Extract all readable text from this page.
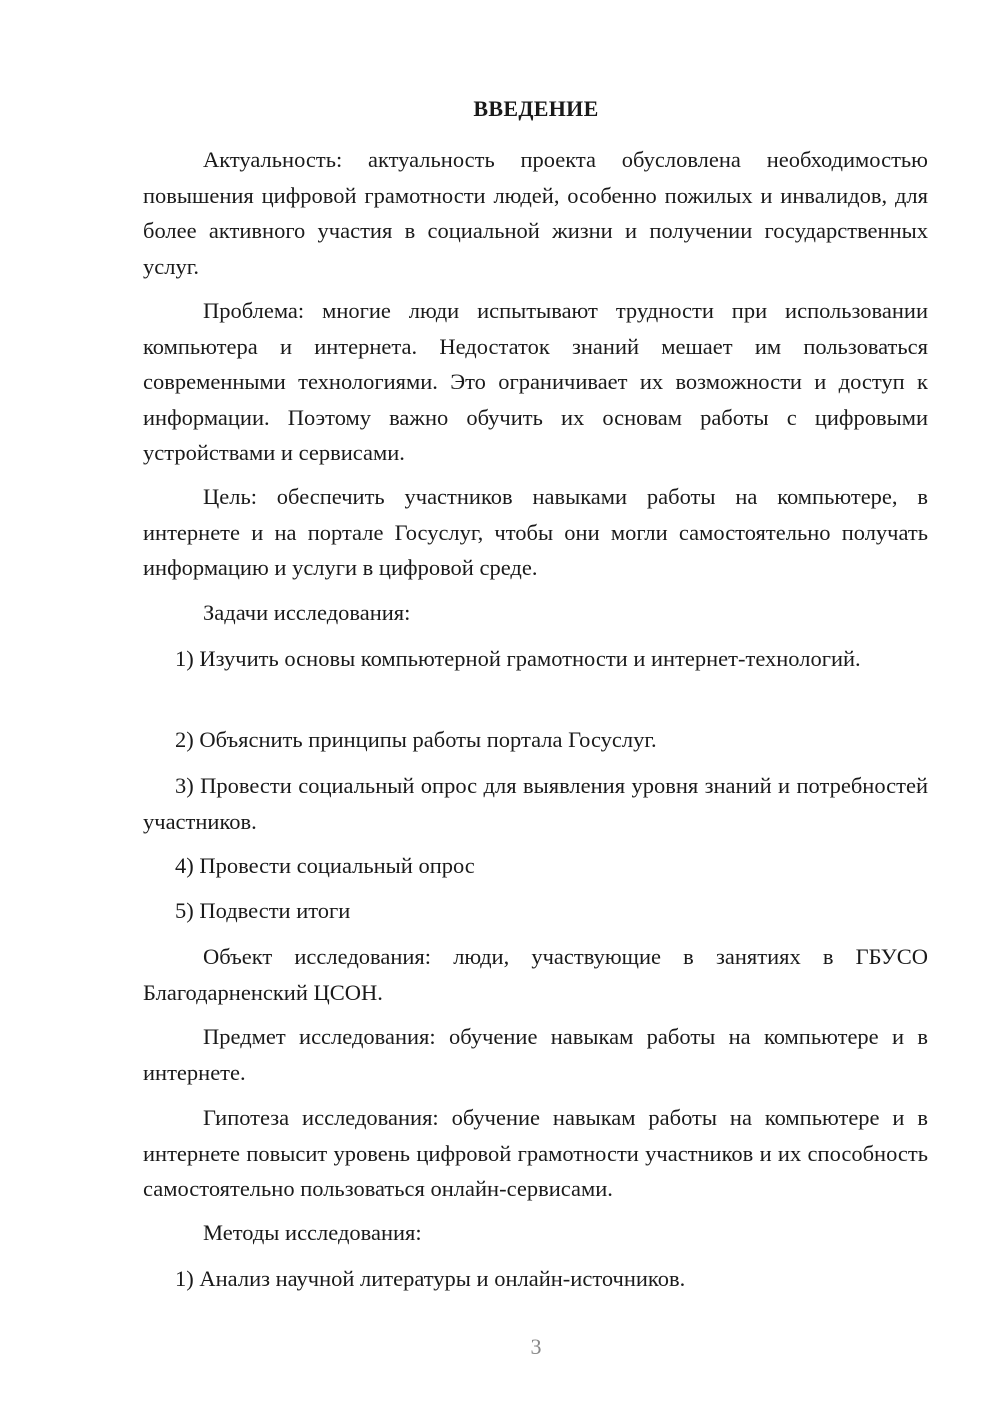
ВВЕДЕНИЕ

Актуальность: актуальность проекта обусловлена необходимостью повышения цифровой грамотности людей, особенно пожилых и инвалидов, для более активного участия в социальной жизни и получении государственных услуг.

Проблема: многие люди испытывают трудности при использовании компьютера и интернета. Недостаток знаний мешает им пользоваться современными технологиями. Это ограничивает их возможности и доступ к информации. Поэтому важно обучить их основам работы с цифровыми устройствами и сервисами.

Цель: обеспечить участников навыками работы на компьютере, в интернете и на портале Госуслуг, чтобы они могли самостоятельно получать информацию и услуги в цифровой среде.

Задачи исследования:

1) Изучить основы компьютерной грамотности и интернет-технологий.

2) Объяснить принципы работы портала Госуслуг.

3) Провести социальный опрос для выявления уровня знаний и потребностей участников.

4) Провести социальный опрос

5) Подвести итоги

Объект исследования: люди, участвующие в занятиях в ГБУСО Благодарненский ЦСОН.

Предмет исследования: обучение навыкам работы на компьютере и в интернете.

Гипотеза исследования: обучение навыкам работы на компьютере и в интернете повысит уровень цифровой грамотности участников и их способность самостоятельно пользоваться онлайн-сервисами.

Методы исследования:

1) Анализ научной литературы и онлайн-источников.

3
